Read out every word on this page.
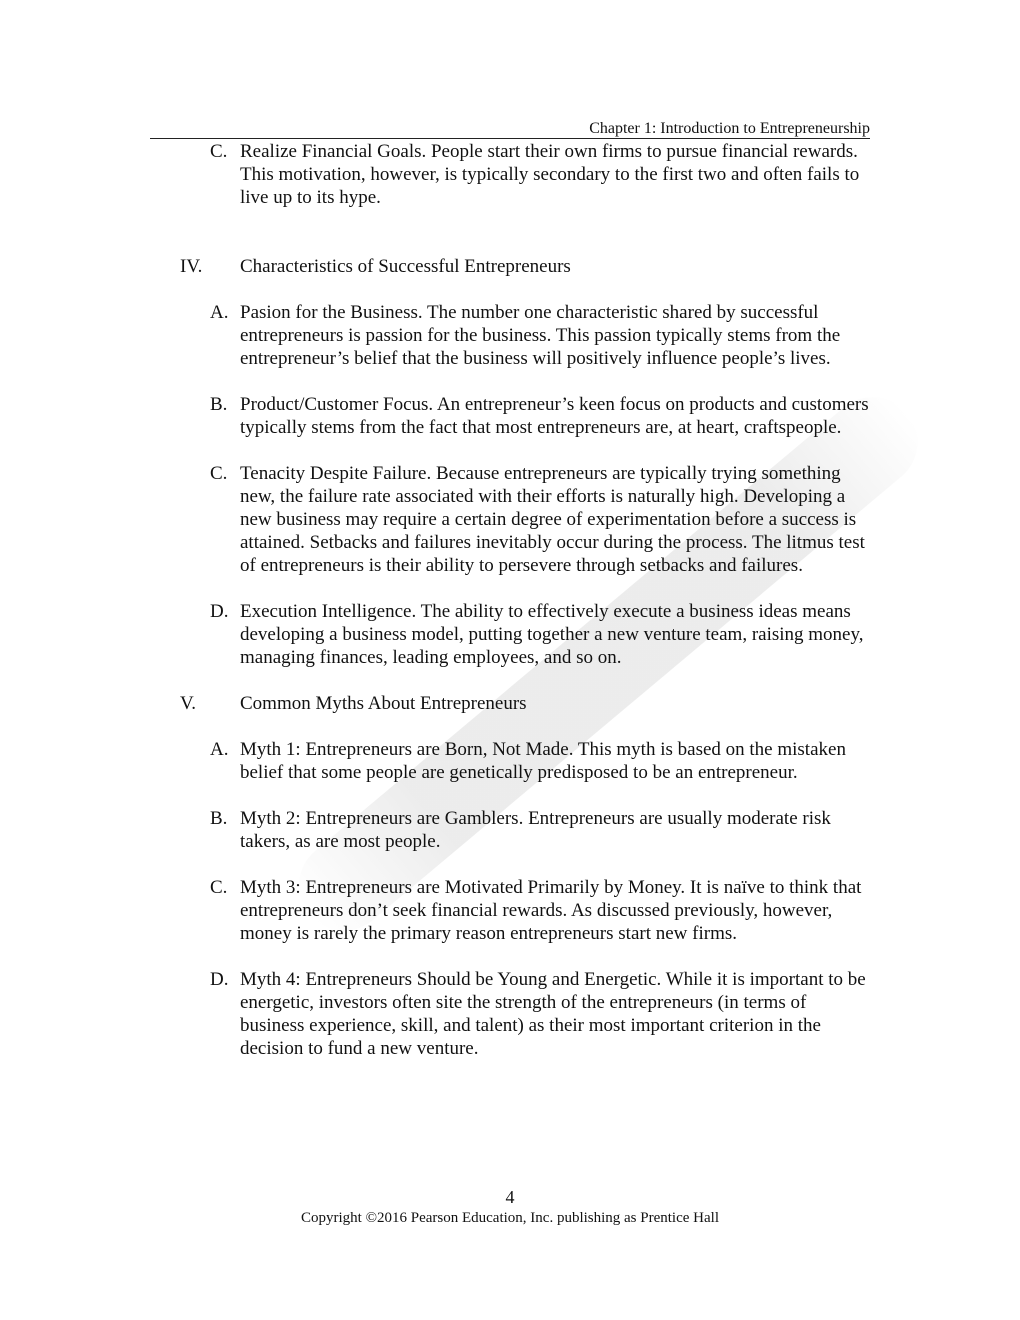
Chapter 1: Introduction to Entrepreneurship
C. Realize Financial Goals. People start their own firms to pursue financial rewards. This motivation, however, is typically secondary to the first two and often fails to live up to its hype.
IV. Characteristics of Successful Entrepreneurs
A. Pasion for the Business. The number one characteristic shared by successful entrepreneurs is passion for the business. This passion typically stems from the entrepreneur’s belief that the business will positively influence people’s lives.
B. Product/Customer Focus. An entrepreneur’s keen focus on products and customers typically stems from the fact that most entrepreneurs are, at heart, craftspeople.
C. Tenacity Despite Failure. Because entrepreneurs are typically trying something new, the failure rate associated with their efforts is naturally high. Developing a new business may require a certain degree of experimentation before a success is attained. Setbacks and failures inevitably occur during the process. The litmus test of entrepreneurs is their ability to persevere through setbacks and failures.
D. Execution Intelligence. The ability to effectively execute a business ideas means developing a business model, putting together a new venture team, raising money, managing finances, leading employees, and so on.
V. Common Myths About Entrepreneurs
A. Myth 1: Entrepreneurs are Born, Not Made. This myth is based on the mistaken belief that some people are genetically predisposed to be an entrepreneur.
B. Myth 2: Entrepreneurs are Gamblers. Entrepreneurs are usually moderate risk takers, as are most people.
C. Myth 3: Entrepreneurs are Motivated Primarily by Money. It is naïve to think that entrepreneurs don’t seek financial rewards. As discussed previously, however, money is rarely the primary reason entrepreneurs start new firms.
D. Myth 4: Entrepreneurs Should be Young and Energetic. While it is important to be energetic, investors often site the strength of the entrepreneurs (in terms of business experience, skill, and talent) as their most important criterion in the decision to fund a new venture.
4
Copyright ©2016 Pearson Education, Inc. publishing as Prentice Hall
